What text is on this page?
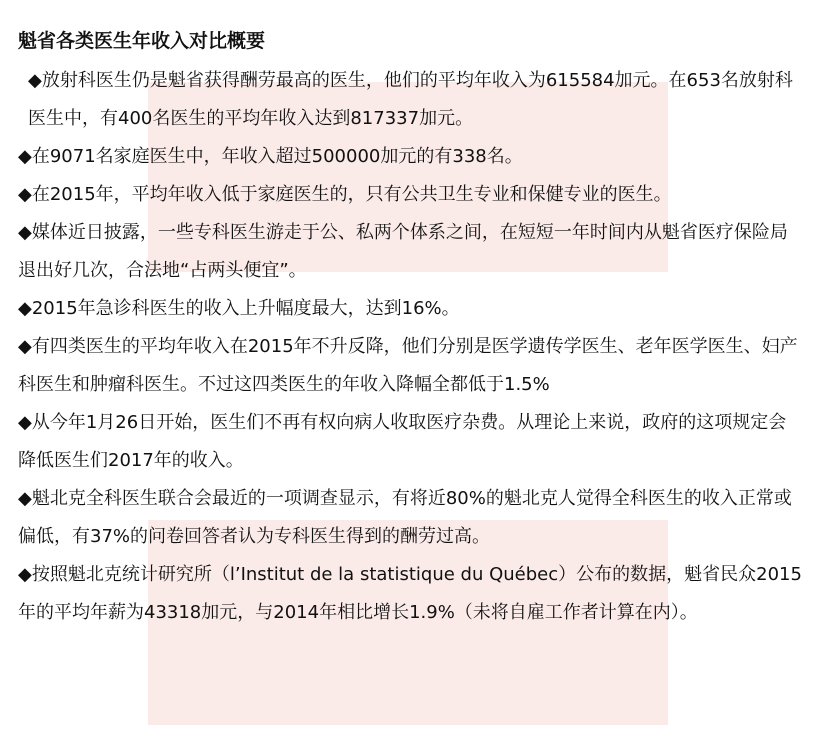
魁省各类医生年收入对比概要

◆放射科医生仍是魁省获得酬劳最高的医生，他们的平均年收入为615584加元。在653名放射科医生中，有400名医生的平均年收入达到817337加元。

◆在9071名家庭医生中，年收入超过500000加元的有338名。

◆在2015年，平均年收入低于家庭医生的，只有公共卫生专业和保健专业的医生。

◆媒体近日披露，一些专科医生游走于公、私两个体系之间，在短短一年时间内从魁省医疗保险局退出好几次，合法地“占两头便宜”。

◆2015年急诊科医生的收入上升幅度最大，达到16%。

◆有四类医生的平均年收入在2015年不升反降，他们分别是医学遗传学医生、老年医学医生、妇产科医生和肿瘤科医生。不过这四类医生的年收入降幅全都低于1.5%

◆从今年1月26日开始，医生们不再有权向病人收取医疗杂费。从理论上来说，政府的这项规定会降低医生们2017年的收入。

◆魁北克全科医生联合会最近的一项调查显示，有将近80%的魁北克人觉得全科医生的收入正常或偏低，有37%的问卷回答者认为专科医生得到的酬劳过高。

◆按照魁北克统计研究所（l’Institut de la statistique du Québec）公布的数据，魁省民众2015年的平均年薪为43318加元，与2014年相比增长1.9%（未将自雇工作者计算在内）。
